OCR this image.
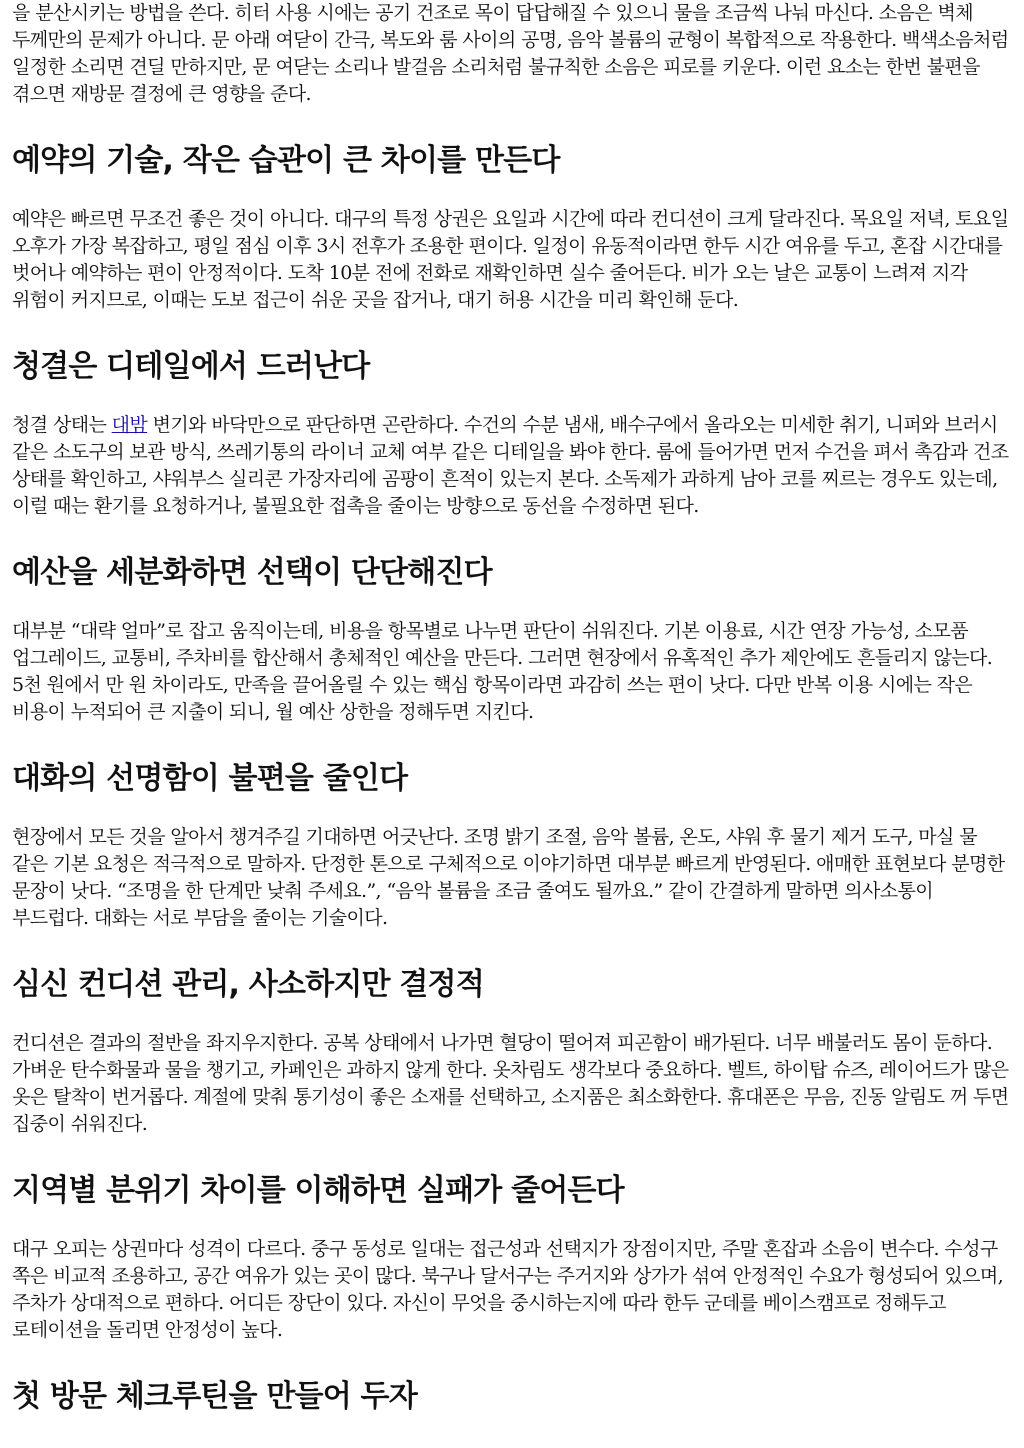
을 분산시키는 방법을 쓴다. 히터 사용 시에는 공기 건조로 목이 답답해질 수 있으니 물을 조금씩 나눠 마신다. 소음은 벽체 두께만의 문제가 아니다. 문 아래 여닫이 간극, 복도와 룸 사이의 공명, 음악 볼륨의 균형이 복합적으로 작용한다. 백색소음처럼 일정한 소리면 견딜 만하지만, 문 여닫는 소리나 발걸음 소리처럼 불규칙한 소음은 피로를 키운다. 이런 요소는 한번 불편을 겪으면 재방문 결정에 큰 영향을 준다.

예약의 기술, 작은 습관이 큰 차이를 만든다

예약은 빠르면 무조건 좋은 것이 아니다. 대구의 특정 상권은 요일과 시간에 따라 컨디션이 크게 달라진다. 목요일 저녁, 토요일 오후가 가장 복잡하고, 평일 점심 이후 3시 전후가 조용한 편이다. 일정이 유동적이라면 한두 시간 여유를 두고, 혼잡 시간대를 벗어나 예약하는 편이 안정적이다. 도착 10분 전에 전화로 재확인하면 실수 줄어든다. 비가 오는 날은 교통이 느려져 지각 위험이 커지므로, 이때는 도보 접근이 쉬운 곳을 잡거나, 대기 허용 시간을 미리 확인해 둔다.

청결은 디테일에서 드러난다

청결 상태는 대밤 변기와 바닥만으로 판단하면 곤란하다. 수건의 수분 냄새, 배수구에서 올라오는 미세한 취기, 니퍼와 브러시 같은 소도구의 보관 방식, 쓰레기통의 라이너 교체 여부 같은 디테일을 봐야 한다. 룸에 들어가면 먼저 수건을 펴서 촉감과 건조 상태를 확인하고, 샤워부스 실리콘 가장자리에 곰팡이 흔적이 있는지 본다. 소독제가 과하게 남아 코를 찌르는 경우도 있는데, 이럴 때는 환기를 요청하거나, 불필요한 접촉을 줄이는 방향으로 동선을 수정하면 된다.

예산을 세분화하면 선택이 단단해진다

대부분 “대략 얼마”로 잡고 움직이는데, 비용을 항목별로 나누면 판단이 쉬워진다. 기본 이용료, 시간 연장 가능성, 소모품 업그레이드, 교통비, 주차비를 합산해서 총체적인 예산을 만든다. 그러면 현장에서 유혹적인 추가 제안에도 흔들리지 않는다. 5천 원에서 만 원 차이라도, 만족을 끌어올릴 수 있는 핵심 항목이라면 과감히 쓰는 편이 낫다. 다만 반복 이용 시에는 작은 비용이 누적되어 큰 지출이 되니, 월 예산 상한을 정해두면 지킨다.

대화의 선명함이 불편을 줄인다

현장에서 모든 것을 알아서 챙겨주길 기대하면 어긋난다. 조명 밝기 조절, 음악 볼륨, 온도, 샤워 후 물기 제거 도구, 마실 물 같은 기본 요청은 적극적으로 말하자. 단정한 톤으로 구체적으로 이야기하면 대부분 빠르게 반영된다. 애매한 표현보다 분명한 문장이 낫다. “조명을 한 단계만 낮춰 주세요.”, “음악 볼륨을 조금 줄여도 될까요.” 같이 간결하게 말하면 의사소통이 부드럽다. 대화는 서로 부담을 줄이는 기술이다.

심신 컨디션 관리, 사소하지만 결정적

컨디션은 결과의 절반을 좌지우지한다. 공복 상태에서 나가면 혈당이 떨어져 피곤함이 배가된다. 너무 배불러도 몸이 둔하다. 가벼운 탄수화물과 물을 챙기고, 카페인은 과하지 않게 한다. 옷차림도 생각보다 중요하다. 벨트, 하이탑 슈즈, 레이어드가 많은 옷은 탈착이 번거롭다. 계절에 맞춰 통기성이 좋은 소재를 선택하고, 소지품은 최소화한다. 휴대폰은 무음, 진동 알림도 꺼 두면 집중이 쉬워진다.

지역별 분위기 차이를 이해하면 실패가 줄어든다

대구 오피는 상권마다 성격이 다르다. 중구 동성로 일대는 접근성과 선택지가 장점이지만, 주말 혼잡과 소음이 변수다. 수성구 쪽은 비교적 조용하고, 공간 여유가 있는 곳이 많다. 북구나 달서구는 주거지와 상가가 섞여 안정적인 수요가 형성되어 있으며, 주차가 상대적으로 편하다. 어디든 장단이 있다. 자신이 무엇을 중시하는지에 따라 한두 군데를 베이스캠프로 정해두고 로테이션을 돌리면 안정성이 높다.

첫 방문 체크루틴을 만들어 두자
